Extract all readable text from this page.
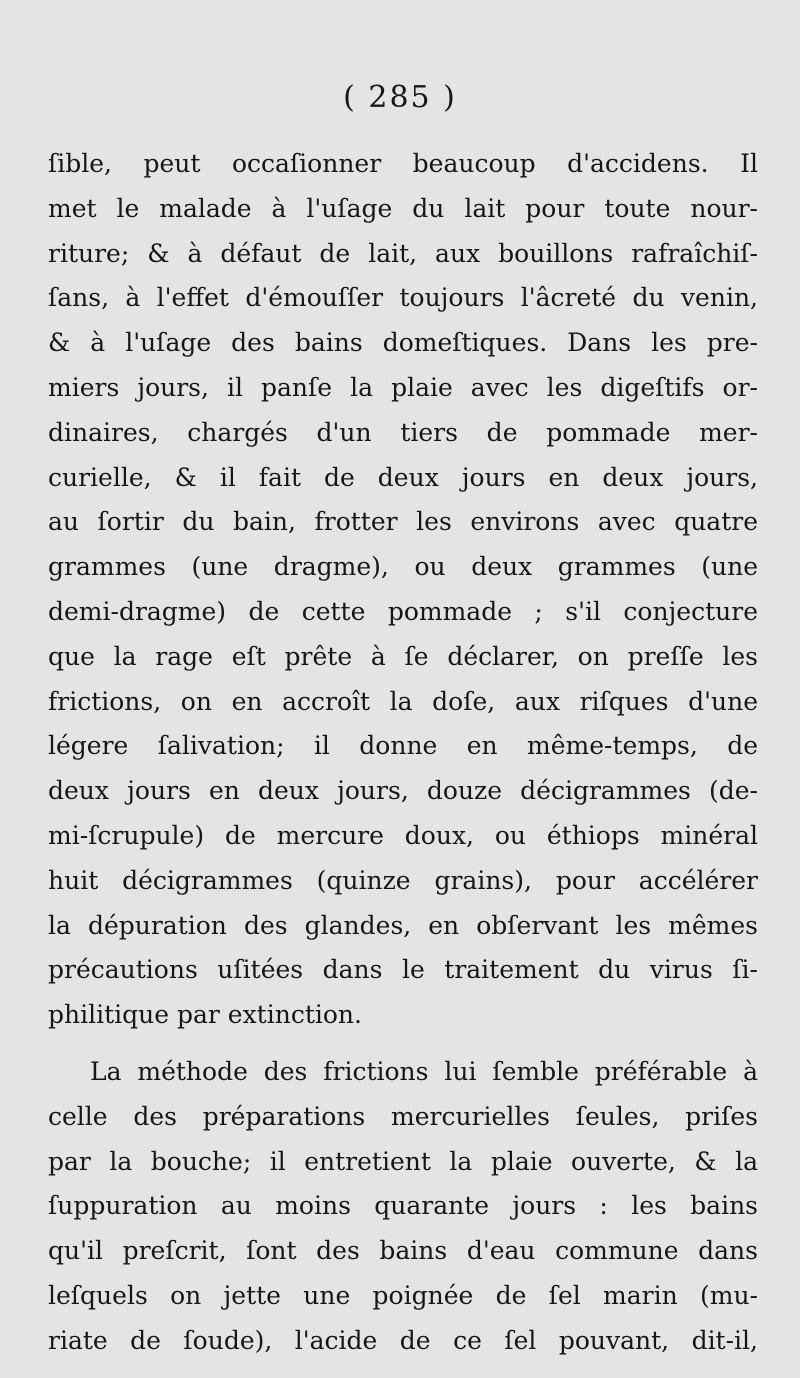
( 285 )
ſible, peut occaſionner beaucoup d'accidens. Il
met le malade à l'uſage du lait pour toute nour-
riture; & à défaut de lait, aux bouillons rafraîchiſ-
ſans, à l'effet d'émouſſer toujours l'âcreté du venin,
& à l'uſage des bains domeſtiques. Dans les pre-
miers jours, il panſe la plaie avec les digeſtifs or-
dinaires, chargés d'un tiers de pommade mer-
curielle, & il fait de deux jours en deux jours,
au ſortir du bain, frotter les environs avec quatre
grammes (une dragme), ou deux grammes (une
demi-dragme) de cette pommade ; s'il conjecture
que la rage eſt prête à ſe déclarer, on preſſe les
frictions, on en accroît la doſe, aux riſques d'une
légere ſalivation; il donne en même-temps, de
deux jours en deux jours, douze décigrammes (de-
mi-ſcrupule) de mercure doux, ou éthiops minéral
huit décigrammes (quinze grains), pour accélérer
la dépuration des glandes, en obſervant les mêmes
précautions uſitées dans le traitement du virus ſi-
philitique par extinction.
La méthode des frictions lui ſemble préférable à
celle des préparations mercurielles ſeules, priſes
par la bouche; il entretient la plaie ouverte, & la
ſuppuration au moins quarante jours : les bains
qu'il preſcrit, ſont des bains d'eau commune dans
leſquels on jette une poignée de ſel marin (mu-
riate de ſoude), l'acide de ce ſel pouvant, dit-il,
